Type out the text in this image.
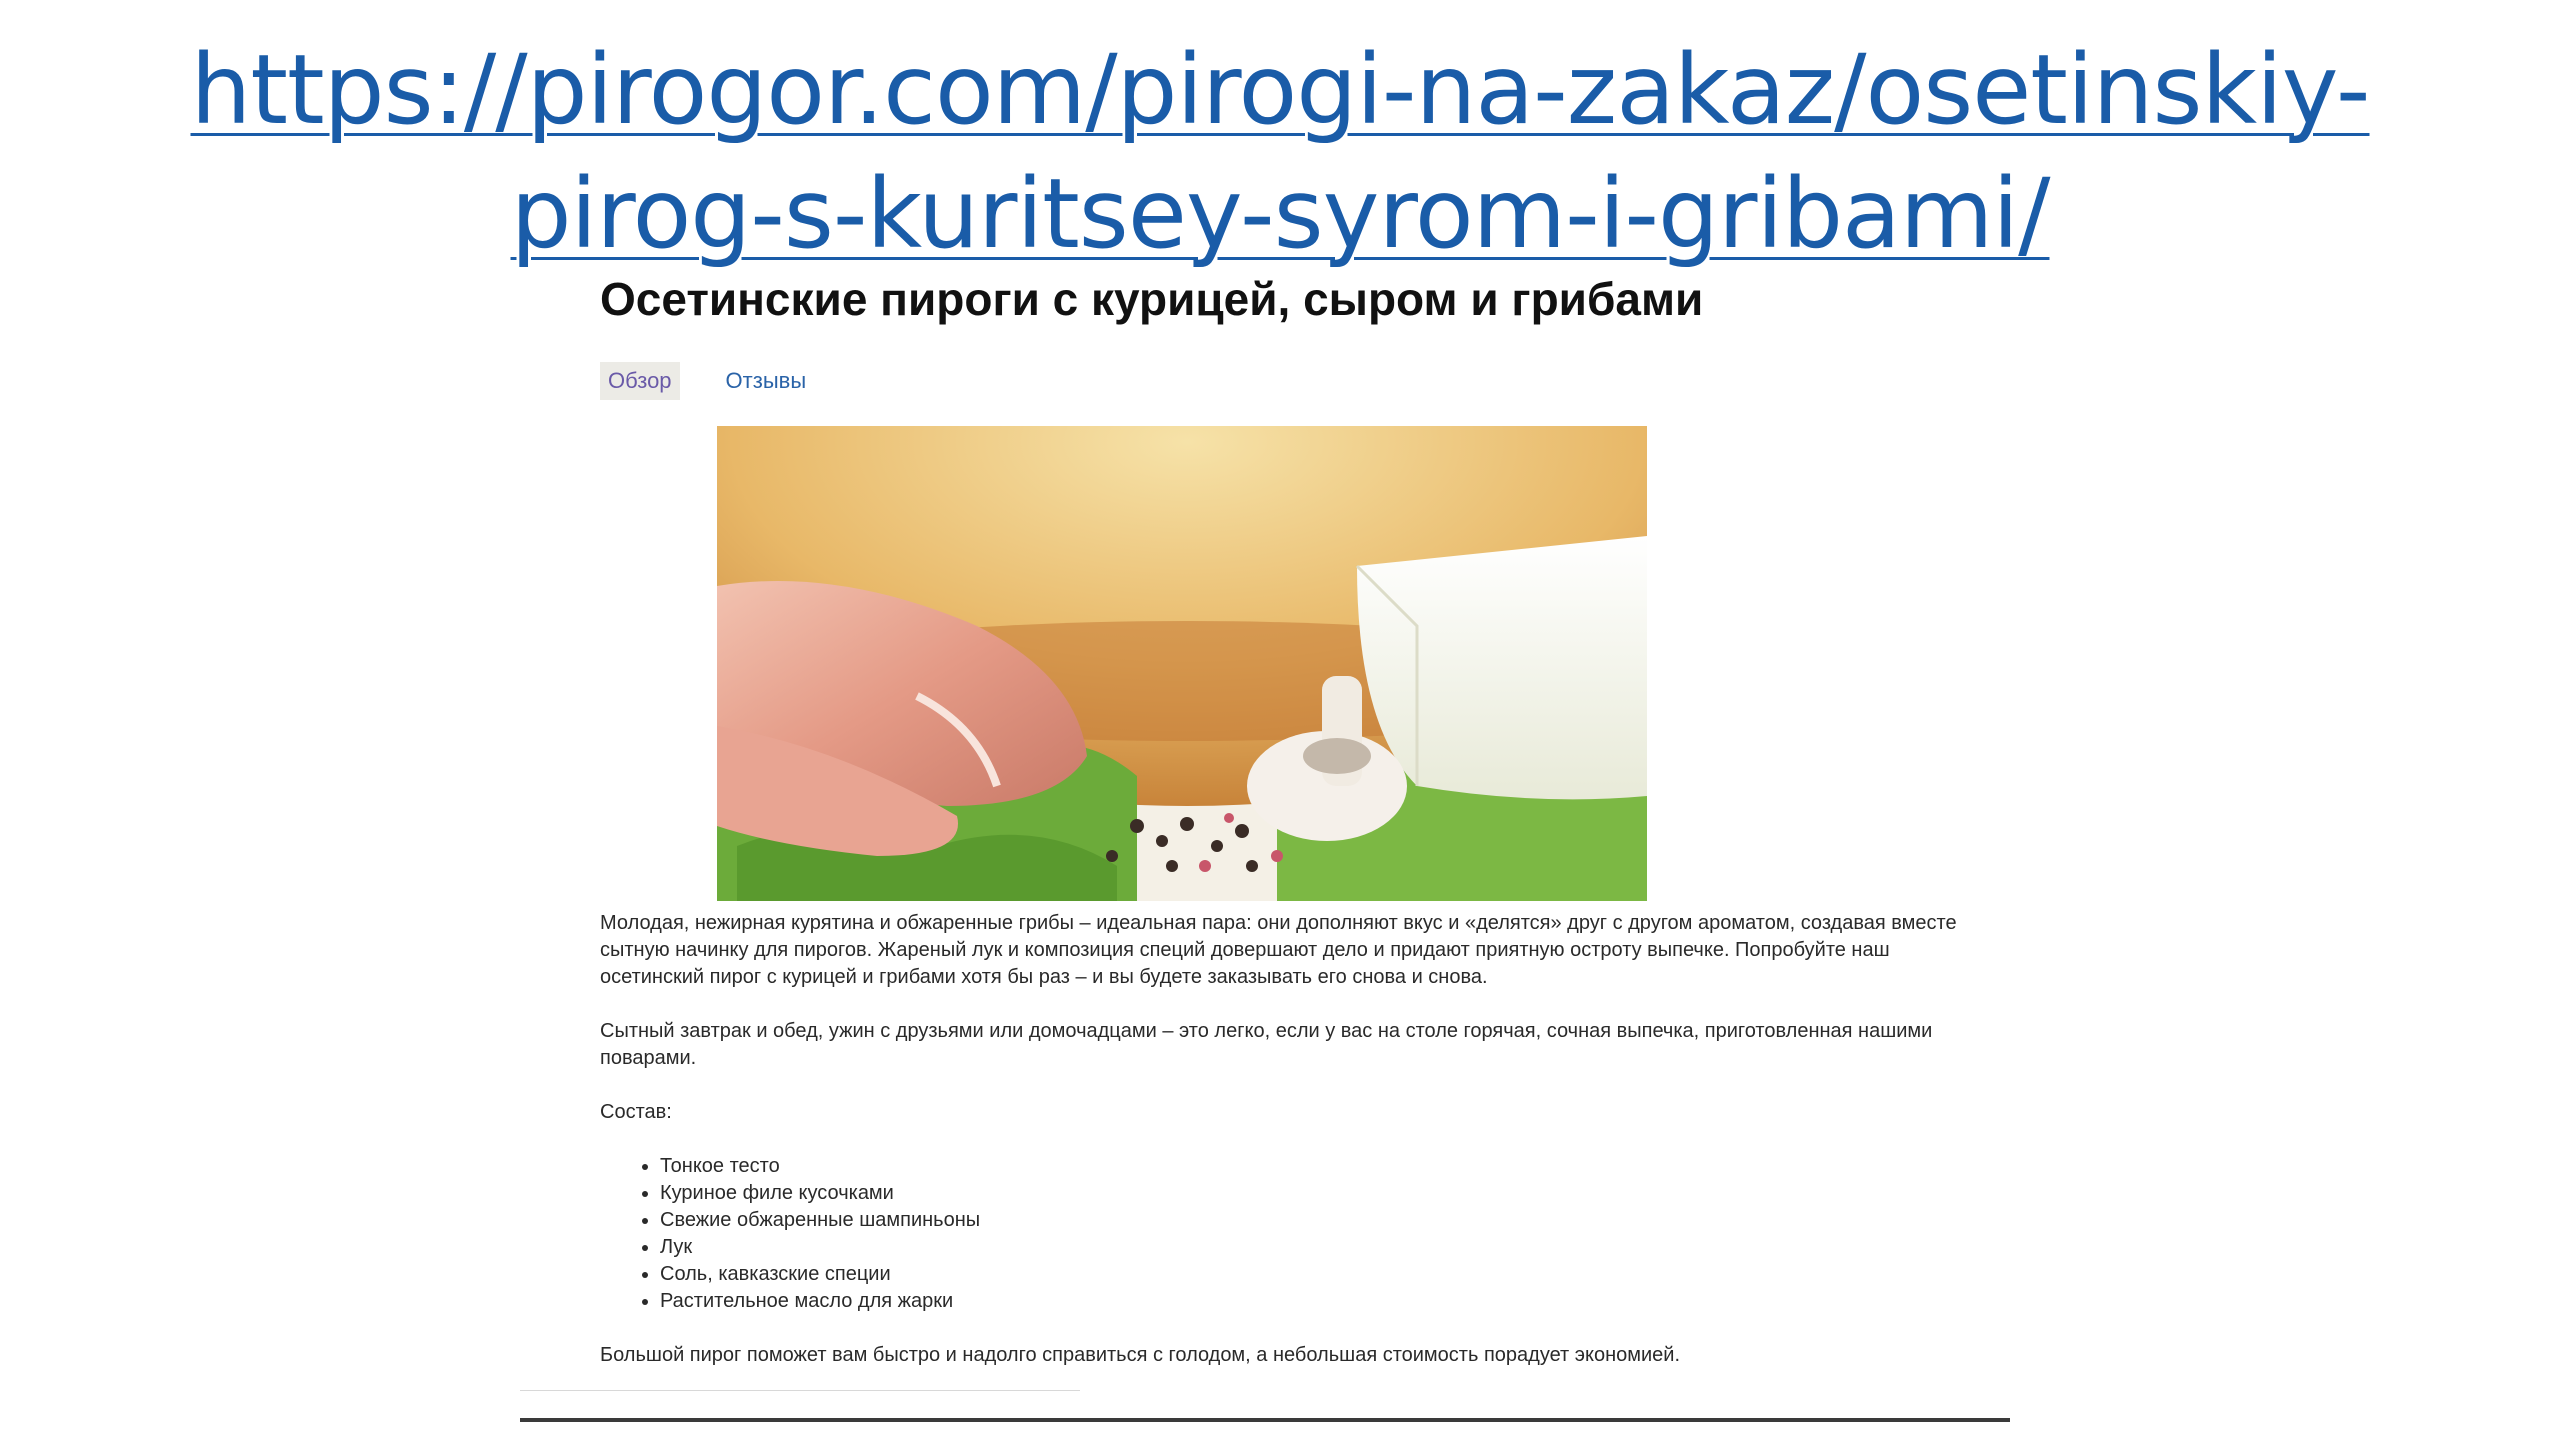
https://pirogor.com/pirogi-na-zakaz/osetinskiy-
pirog-s-kuritsey-syrom-i-gribami/
Осетинские пироги с курицей, сыром и грибами
Обзор	Отзывы

Молодая, нежирная курятина и обжаренные грибы – идеальная пара: они дополняют вкус и «делятся» друг с другом ароматом, создавая вместе сытную начинку для пирогов. Жареный лук и композиция специй довершают дело и придают приятную остроту выпечке. Попробуйте наш осетинский пирог с курицей и грибами хотя бы раз – и вы будете заказывать его снова и снова.

Сытный завтрак и обед, ужин с друзьями или домочадцами – это легко, если у вас на столе горячая, сочная выпечка, приготовленная нашими поварами.

Состав:

• Тонкое тесто
• Куриное филе кусочками
• Свежие обжаренные шампиньоны
• Лук
• Соль, кавказские специи
• Растительное масло для жарки

Большой пирог поможет вам быстро и надолго справиться с голодом, а небольшая стоимость порадует экономией.
